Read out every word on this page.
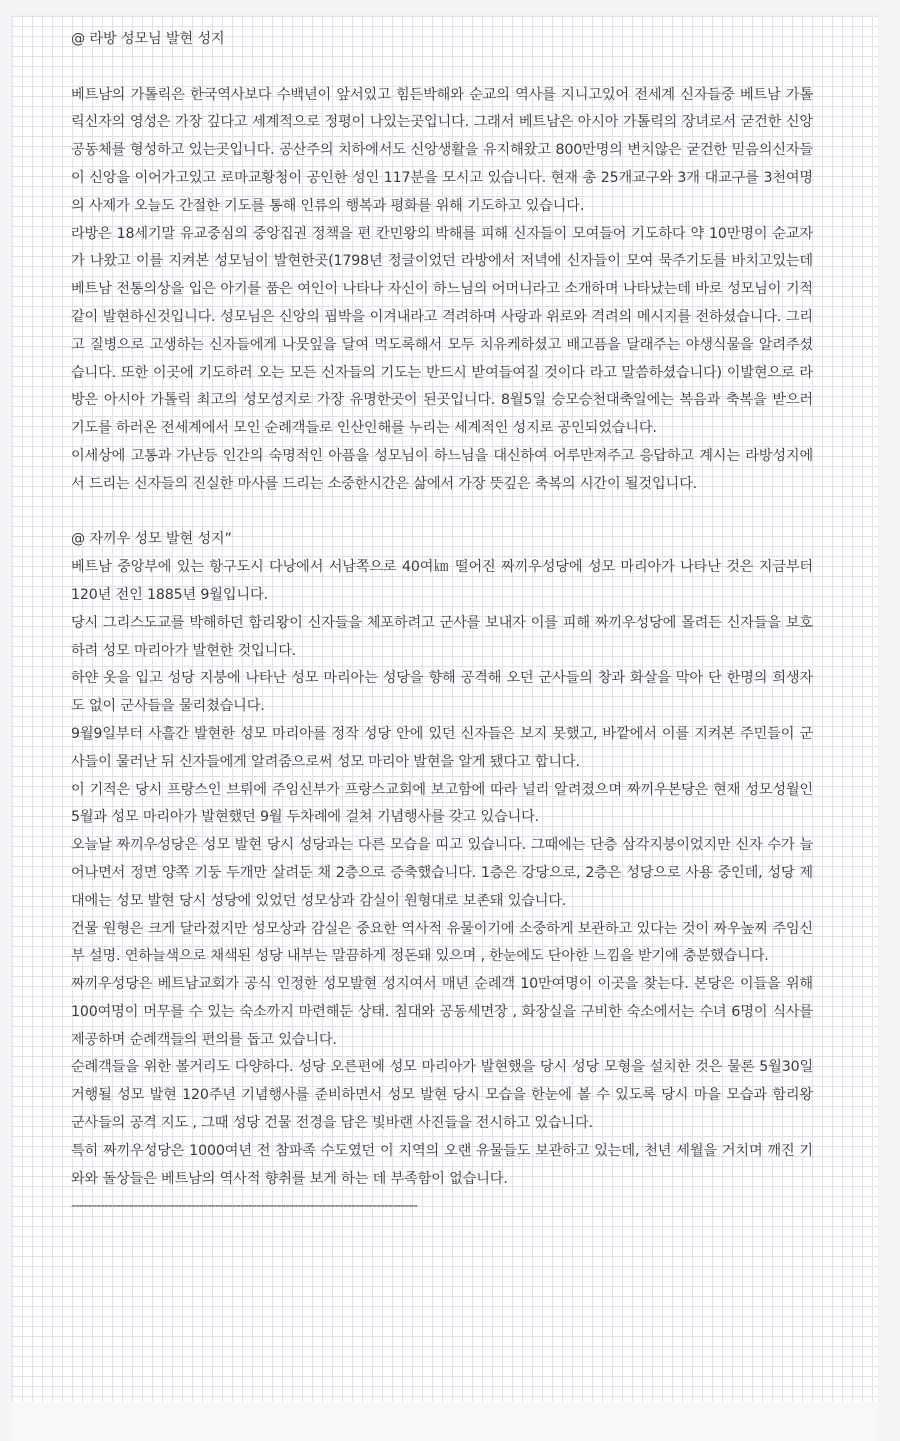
@ 라방 성모님 발현 성지

베트남의 가톨릭은 한국역사보다 수백년이 앞서있고 힘든박해와 순교의 역사를 지니고있어 전세계 신자들중 베트남 가톨릭신자의 영성은 가장 깊다고 세계적으로 정평이 나있는곳입니다. 그래서 베트남은 아시아 가톨릭의 장녀로서 굳건한 신앙공동체를 형성하고 있는곳입니다. 공산주의 치하에서도 신앙생활을 유지해왔고 800만명의 변치않은 굳건한 믿음의신자들이 신앙을 이어가고있고 로마교황청이 공인한 성인 117분을 모시고 있습니다. 현재 총 25개교구와 3개 대교구를 3천여명의 사제가 오늘도 간절한 기도를 통해 인류의 행복과 평화를 위해 기도하고 있습니다.

라방은 18세기말 유교중심의 중앙집권 정책을 편 칸민왕의 박해를 피해 신자들이 모여들어 기도하다 약 10만명이 순교자가 나왔고 이를 지켜본 성모님이 발현한곳(1798년 정글이었던 라방에서 저녁에 신자들이 모여 묵주기도를 바치고있는데 베트남 전통의상을 입은 아기를 품은 여인이 나타나 자신이 하느님의 어머니라고 소개하며 나타났는데 바로 성모님이 기적같이 발현하신것입니다. 성모님은 신앙의 핍박을 이겨내라고 격려하며 사랑과 위로와 격려의 메시지를 전하셨습니다. 그리고 질병으로 고생하는 신자들에게 나뭇잎을 달여 먹도록해서 모두 치유케하셨고 배고픔을 달래주는 야생식물을 알려주셨습니다. 또한 이곳에 기도하러 오는 모든 신자들의 기도는 반드시 받여들여질 것이다 라고 말씀하셨습니다) 이발현으로 라방은 아시아 가톨릭 최고의 성모성지로 가장 유명한곳이 된곳입니다. 8월5일 승모승천대축일에는 복음과 축복을 받으러 기도를 하러온 전세계에서 모인 순례객들로 인산인해를 누리는 세계적인 성지로 공인되었습니다.

이세상에 고통과 가난등 인간의 숙명적인 아픔을 성모님이 하느님을 대신하여 어루만져주고 응답하고 계시는 라방성지에서 드리는 신자들의 진실한 마사를 드리는 소중한시간은 삶에서 가장 뜻깊은 축복의 시간이 될것입니다.

@ 자끼우 성모 발현 성지”

베트남 중앙부에 있는 항구도시 다낭에서 서남쪽으로 40여㎞ 떨어진 짜끼우성당에 성모 마리아가 나타난 것은 지금부터 120년 전인 1885년 9월입니다.

당시 그리스도교를 박해하던 함리왕이 신자들을 체포하려고 군사를 보내자 이를 피해 짜끼우성당에 몰려든 신자들을 보호하려 성모 마리아가 발현한 것입니다.

하얀 옷을 입고 성당 지붕에 나타난 성모 마리아는 성당을 향해 공격해 오던 군사들의 창과 화살을 막아 단 한명의 희생자도 없이 군사들을 물리쳤습니다.

9월9일부터 사흘간 발현한 성모 마리아를 정작 성당 안에 있던 신자들은 보지 못했고, 바깥에서 이를 지켜본 주민들이 군사들이 물러난 뒤 신자들에게 알려줌으로써 성모 마리아 발현을 알게 됐다고 합니다.

이 기적은 당시 프랑스인 브뤼에 주임신부가 프랑스교회에 보고함에 따라 널리 알려졌으며 짜끼우본당은 현재 성모성월인 5월과 성모 마리아가 발현했던 9월 두차례에 걸쳐 기념행사를 갖고 있습니다.

오늘날 짜끼우성당은 성모 발현 당시 성당과는 다른 모습을 띠고 있습니다. 그때에는 단층 삼각지붕이었지만 신자 수가 늘어나면서 정면 양쪽 기둥 두개만 살려둔 채 2층으로 증축했습니다. 1층은 강당으로, 2층은 성당으로 사용 중인데, 성당 제대에는 성모 발현 당시 성당에 있었던 성모상과 감실이 원형대로 보존돼 있습니다.

건물 원형은 크게 달라졌지만 성모상과 감실은 중요한 역사적 유물이기에 소중하게 보관하고 있다는 것이 짜우높찌 주임신부 설명. 연하늘색으로 채색된 성당 내부는 말끔하게 정돈돼 있으며 , 한눈에도 단아한 느낌을 받기에 충분했습니다.

짜끼우성당은 베트남교회가 공식 인정한 성모발현 성지여서 매년 순례객 10만여명이 이곳을 찾는다. 본당은 이들을 위해 100여명이 머무를 수 있는 숙소까지 마련해둔 상태. 침대와 공동세면장 , 화장실을 구비한 숙소에서는 수녀 6명이 식사를 제공하며 순례객들의 편의를 돕고 있습니다.

순례객들을 위한 볼거리도 다양하다. 성당 오른편에 성모 마리아가 발현했을 당시 성당 모형을 설치한 것은 물론 5월30일 거행될 성모 발현 120주년 기념행사를 준비하면서 성모 발현 당시 모습을 한눈에 볼 수 있도록 당시 마을 모습과 함리왕 군사들의 공격 지도 , 그때 성당 건물 전경을 담은 빛바랜 사진들을 전시하고 있습니다.

특히 짜끼우성당은 1000여년 전 참파족 수도였던 이 지역의 오랜 유물들도 보관하고 있는데, 천년 세월을 거치며 깨진 기와와 돌상들은 베트남의 역사적 향취를 보게 하는 데 부족함이 없습니다.

------------------------------------------------------------------------------------
